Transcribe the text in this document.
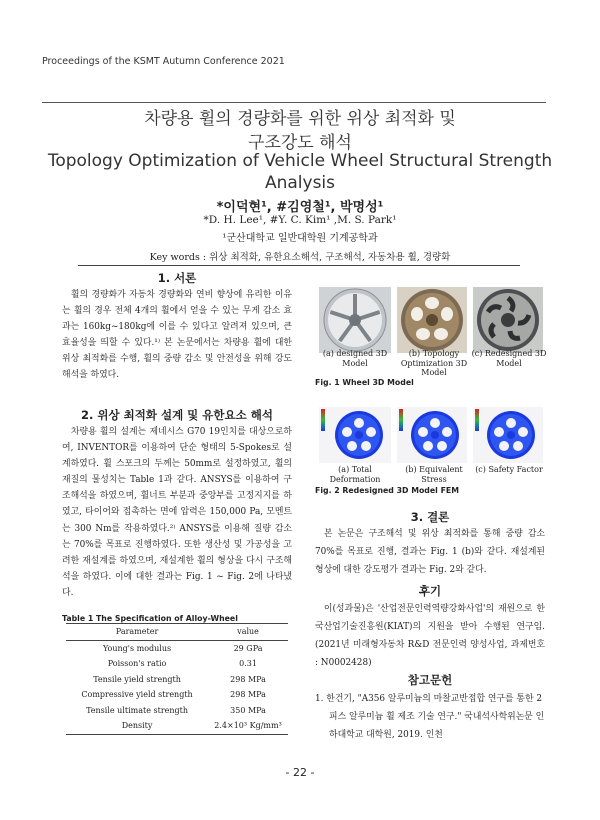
Proceedings of the KSMT Autumn Conference 2021
차량용 휠의 경량화를 위한 위상 최적화 및
구조강도 해석
Topology Optimization of Vehicle Wheel Structural Strength
Analysis
*이덕현¹, #김영철¹, 박명성¹
*D. H. Lee¹, #Y. C. Kim¹ ,M. S. Park¹
¹군산대학교 일반대학원 기계공학과
Key words : 위상 최적화, 유한요소해석, 구조해석, 자동차용 휠, 경량화
1. 서론
휠의 경량화가 자동차 경량화와 연비 향상에 유리한 이유는 휠의 경우 전체 4개의 휠에서 얻을 수 있는 무게 감소 효과는 160kg~180kg에 이를 수 있다고 알려져 있으며, 큰 효율성을 띄할 수 있다.¹⁾ 본 논문에서는 차량용 휠에 대한 위상 최적화를 수행, 휠의 중량 감소 및 안전성을 위해 강도해석을 하였다.
2. 위상 최적화 설계 및 유한요소 해석
차량용 휠의 설계는 제네시스 G70 19인치를 대상으로하여, INVENTOR를 이용하여 단순 형태의 5-Spokes로 설계하였다. 휠 스포크의 두께는 50mm로 설정하였고, 휠의 재질의 물성치는 Table 1과 같다. ANSYS를 이용하여 구조해석을 하였으며, 휠너트 부분과 중앙부를 고정지지를 하였고, 타이어와 접촉하는 면에 압력은 150,000 Pa, 모멘트는 300 Nm를 작용하였다.²⁾ ANSYS를 이용해 질량 감소는 70%를 목표로 진행하였다. 또한 생산성 및 가공성을 고려한 재설계를 하였으며, 재설계한 휠의 형상을 다시 구조해석을 하였다. 이에 대한 결과는 Fig. 1 ~ Fig. 2에 나타냈다.
Table 1 The Specification of Alloy-Wheel
Parameter	value
Young's modulus	29 GPa
Poisson's ratio	0.31
Tensile yield strength	298 MPa
Compressive yield strength	298 MPa
Tensile ultimate strength	350 MPa
Density	2.4×10³ Kg/mm³
(a) designed 3D Model
(b) Topology Optimization 3D Model
(c) Redesigned 3D Model
Fig. 1 Wheel 3D Model
(a) Total Deformation
(b) Equivalent Stress
(c) Safety Factor
Fig. 2 Redesigned 3D Model FEM
3. 결론
본 논문은 구조해석 및 위상 최적화를 통해 중량 감소 70%를 목표로 진행, 결과는 Fig. 1 (b)와 같다. 재설계된 형상에 대한 강도평가 결과는 Fig. 2와 같다.
후기
이(성과물)은 '산업전문인력역량강화사업'의 재원으로 한국산업기술진흥원(KIAT)의 지원을 받아 수행된 연구임. (2021년 미래형자동차 R&D 전문인력 양성사업, 과제번호 : N0002428)
참고문헌
1. 한건기, "A356 알루미늄의 마찰교반접합 연구를 통한 2피스 알루미늄 휠 제조 기술 연구." 국내석사학위논문 인하대학교 대학원, 2019. 인천
- 22 -
